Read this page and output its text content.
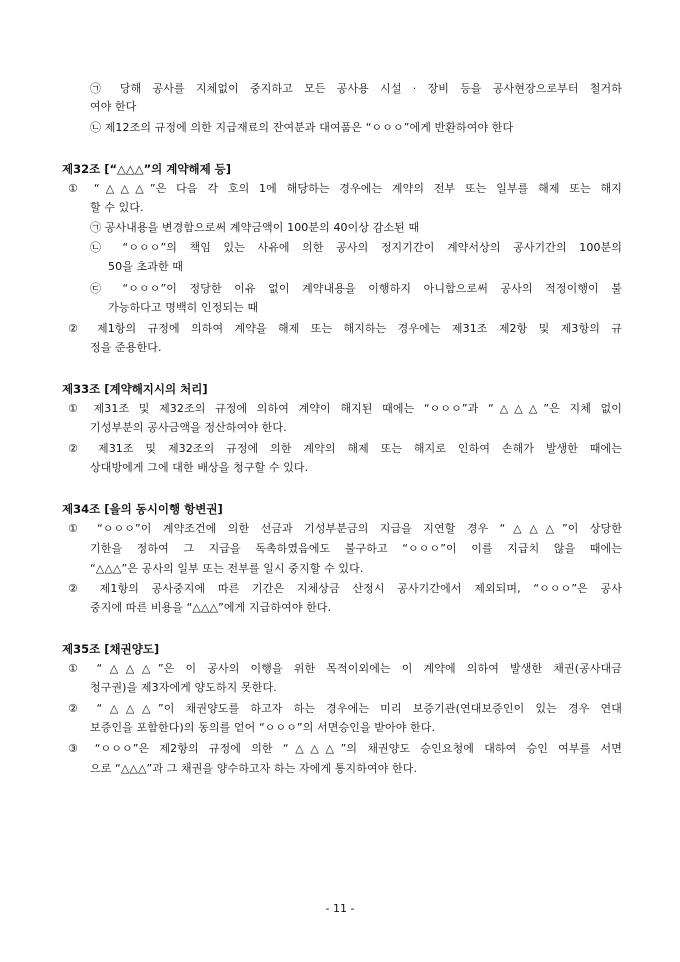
㉠ 당해 공사를 지체없이 중지하고 모든 공사용 시설 · 장비 등을 공사현장으로부터 철거하
여야 한다
㉡ 제12조의 규정에 의한 지급재료의 잔여분과 대여품은 “ㅇㅇㅇ”에게 반환하여야 한다
제32조 [“△△△”의 계약해제 등]
① “△△△”은 다음 각 호의 1에 해당하는 경우에는 계약의 전부 또는 일부를 해제 또는 해지
할 수 있다.
㉠ 공사내용을 변경함으로써 계약금액이 100분의 40이상 감소된 때
㉡ “ㅇㅇㅇ”의 책임 있는 사유에 의한 공사의 정지기간이 계약서상의 공사기간의 100분의
50을 초과한 때
㉢ “ㅇㅇㅇ”이 정당한 이유 없이 계약내용을 이행하지 아니함으로써 공사의 적정이행이 불
가능하다고 명백히 인정되는 때
② 제1항의 규정에 의하여 계약을 해제 또는 해지하는 경우에는 제31조 제2항 및 제3항의 규
정을 준용한다.
제33조 [계약해지시의 처리]
① 제31조 및 제32조의 규정에 의하여 계약이 해지된 때에는 “ㅇㅇㅇ”과 “△△△”은 지체 없이
기성부분의 공사금액을 정산하여야 한다.
② 제31조 및 제32조의 규정에 의한 계약의 해제 또는 해지로 인하여 손해가 발생한 때에는
상대방에게 그에 대한 배상을 청구할 수 있다.
제34조 [을의 동시이행 항변권]
① “ㅇㅇㅇ”이 계약조건에 의한 선금과 기성부분금의 지급을 지연할 경우 “△△△”이 상당한
기한을 정하여 그 지급을 독촉하였음에도 불구하고 “ㅇㅇㅇ”이 이를 지급치 않을 때에는
“△△△”은 공사의 일부 또는 전부를 일시 중지할 수 있다.
② 제1항의 공사중지에 따른 기간은 지체상금 산정시 공사기간에서 제외되며, “ㅇㅇㅇ”은 공사
중지에 따른 비용을 “△△△”에게 지급하여야 한다.
제35조 [채권양도]
① “△△△”은 이 공사의 이행을 위한 목적이외에는 이 계약에 의하여 발생한 채권(공사대금
청구권)을 제3자에게 양도하지 못한다.
② “△△△”이 채권양도를 하고자 하는 경우에는 미리 보증기관(연대보증인이 있는 경우 연대
보증인을 포함한다)의 동의를 얻어 “ㅇㅇㅇ”의 서면승인을 받아야 한다.
③ “ㅇㅇㅇ”은 제2항의 규정에 의한 “△△△”의 채권양도 승인요청에 대하여 승인 여부를 서면
으로 “△△△”과 그 채권을 양수하고자 하는 자에게 통지하여야 한다.
- 11 -
